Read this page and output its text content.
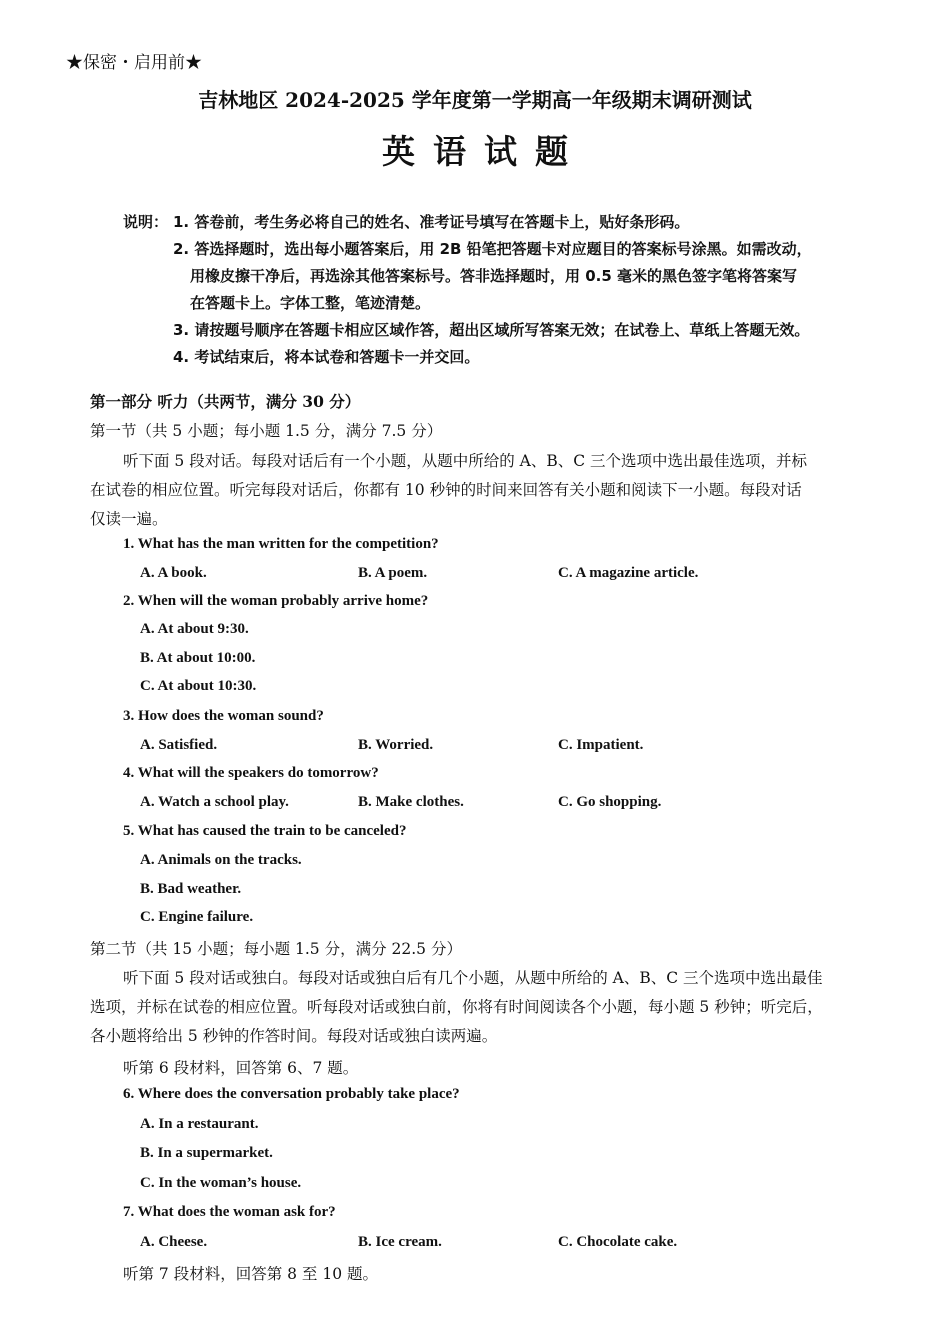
★保密・启用前★
吉林地区 2024-2025 学年度第一学期高一年级期末调研测试
英语试题
说明： 1. 答卷前，考生务必将自己的姓名、准考证号填写在答题卡上，贴好条形码。
2. 答选择题时，选出每小题答案后，用 2B 铅笔把答题卡对应题目的答案标号涂黑。如需改动，
用橡皮擦干净后，再选涂其他答案标号。答非选择题时，用 0.5 毫米的黑色签字笔将答案写
在答题卡上。字体工整，笔迹清楚。
3. 请按题号顺序在答题卡相应区域作答，超出区域所写答案无效；在试卷上、草纸上答题无效。
4. 考试结束后，将本试卷和答题卡一并交回。
第一部分 听力（共两节，满分 30 分）
第一节（共 5 小题；每小题 1.5 分，满分 7.5 分）
听下面 5 段对话。每段对话后有一个小题，从题中所给的 A、B、C 三个选项中选出最佳选项，并标
在试卷的相应位置。听完每段对话后，你都有 10 秒钟的时间来回答有关小题和阅读下一小题。每段对话
仅读一遍。
1. What has the man written for the competition?
A. A book.	B. A poem.	C. A magazine article.
2. When will the woman probably arrive home?
A. At about 9:30.
B. At about 10:00.
C. At about 10:30.
3. How does the woman sound?
A. Satisfied.	B. Worried.	C. Impatient.
4. What will the speakers do tomorrow?
A. Watch a school play.	B. Make clothes.	C. Go shopping.
5. What has caused the train to be canceled?
A. Animals on the tracks.
B. Bad weather.
C. Engine failure.
第二节（共 15 小题；每小题 1.5 分，满分 22.5 分）
听下面 5 段对话或独白。每段对话或独白后有几个小题，从题中所给的 A、B、C 三个选项中选出最佳
选项，并标在试卷的相应位置。听每段对话或独白前，你将有时间阅读各个小题，每小题 5 秒钟；听完后，
各小题将给出 5 秒钟的作答时间。每段对话或独白读两遍。
听第 6 段材料，回答第 6、7 题。
6. Where does the conversation probably take place?
A. In a restaurant.
B. In a supermarket.
C. In the woman’s house.
7. What does the woman ask for?
A. Cheese.	B. Ice cream.	C. Chocolate cake.
听第 7 段材料，回答第 8 至 10 题。
